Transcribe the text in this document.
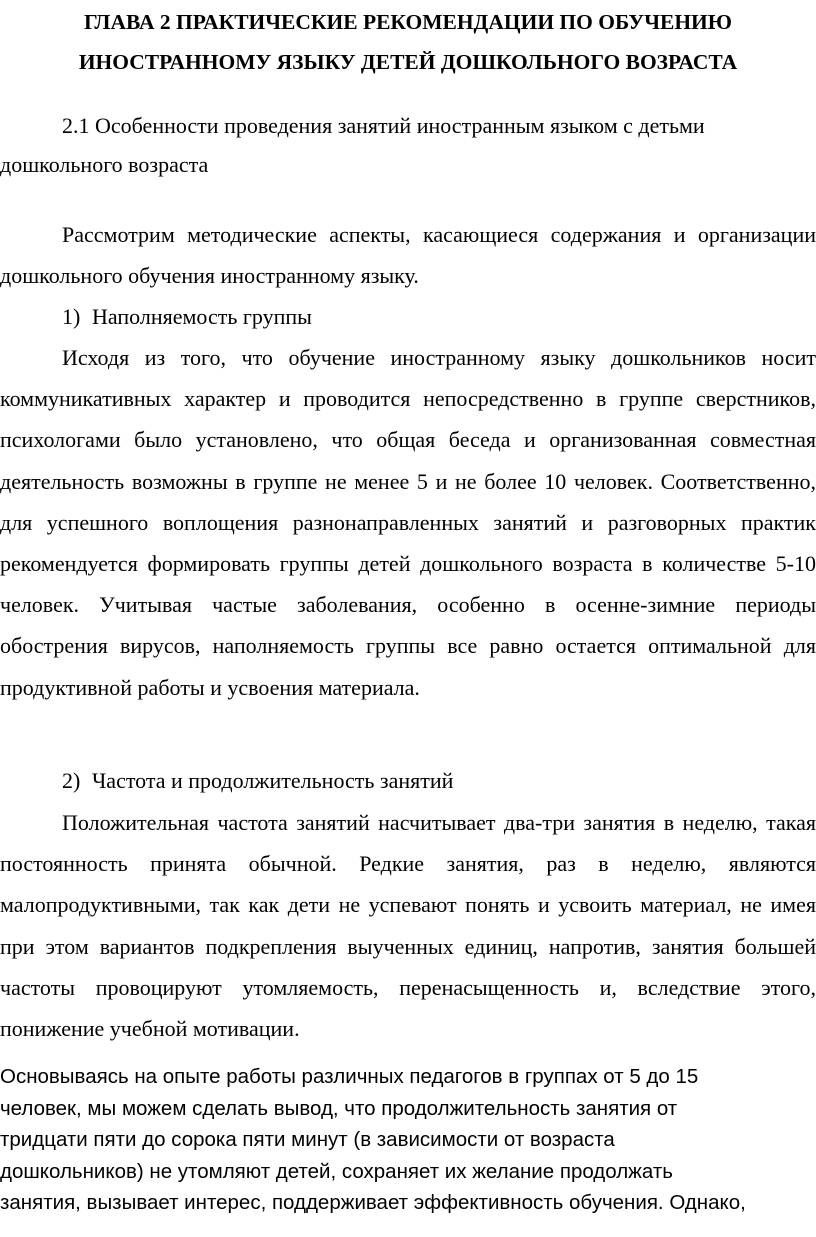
ГЛАВА 2 ПРАКТИЧЕСКИЕ РЕКОМЕНДАЦИИ ПО ОБУЧЕНИЮ
ИНОСТРАННОМУ ЯЗЫКУ ДЕТЕЙ ДОШКОЛЬНОГО ВОЗРАСТА
2.1 Особенности проведения занятий иностранным языком с детьми
дошкольного возраста

Рассмотрим методические аспекты, касающиеся содержания и организации дошкольного обучения иностранному языку.

1) Наполняемость группы

Исходя из того, что обучение иностранному языку дошкольников носит коммуникативных характер и проводится непосредственно в группе сверстников, психологами было установлено, что общая беседа и организованная совместная деятельность возможны в группе не менее 5 и не более 10 человек. Соответственно, для успешного воплощения разнонаправленных занятий и разговорных практик рекомендуется формировать группы детей дошкольного возраста в количестве 5-10 человек. Учитывая частые заболевания, особенно в осенне-зимние периоды обострения вирусов, наполняемость группы все равно остается оптимальной для продуктивной работы и усвоения материала.

2) Частота и продолжительность занятий

Положительная частота занятий насчитывает два-три занятия в неделю, такая постоянность принята обычной. Редкие занятия, раз в неделю, являются малопродуктивными, так как дети не успевают понять и усвоить материал, не имея при этом вариантов подкрепления выученных единиц, напротив, занятия большей частоты провоцируют утомляемость, перенасыщенность и, вследствие этого, понижение учебной мотивации.

Основываясь на опыте работы различных педагогов в группах от 5 до 15
человек, мы можем сделать вывод, что продолжительность занятия от
тридцати пяти до сорока пяти минут (в зависимости от возраста
дошкольников) не утомляют детей, сохраняет их желание продолжать
занятия, вызывает интерес, поддерживает эффективность обучения. Однако,
